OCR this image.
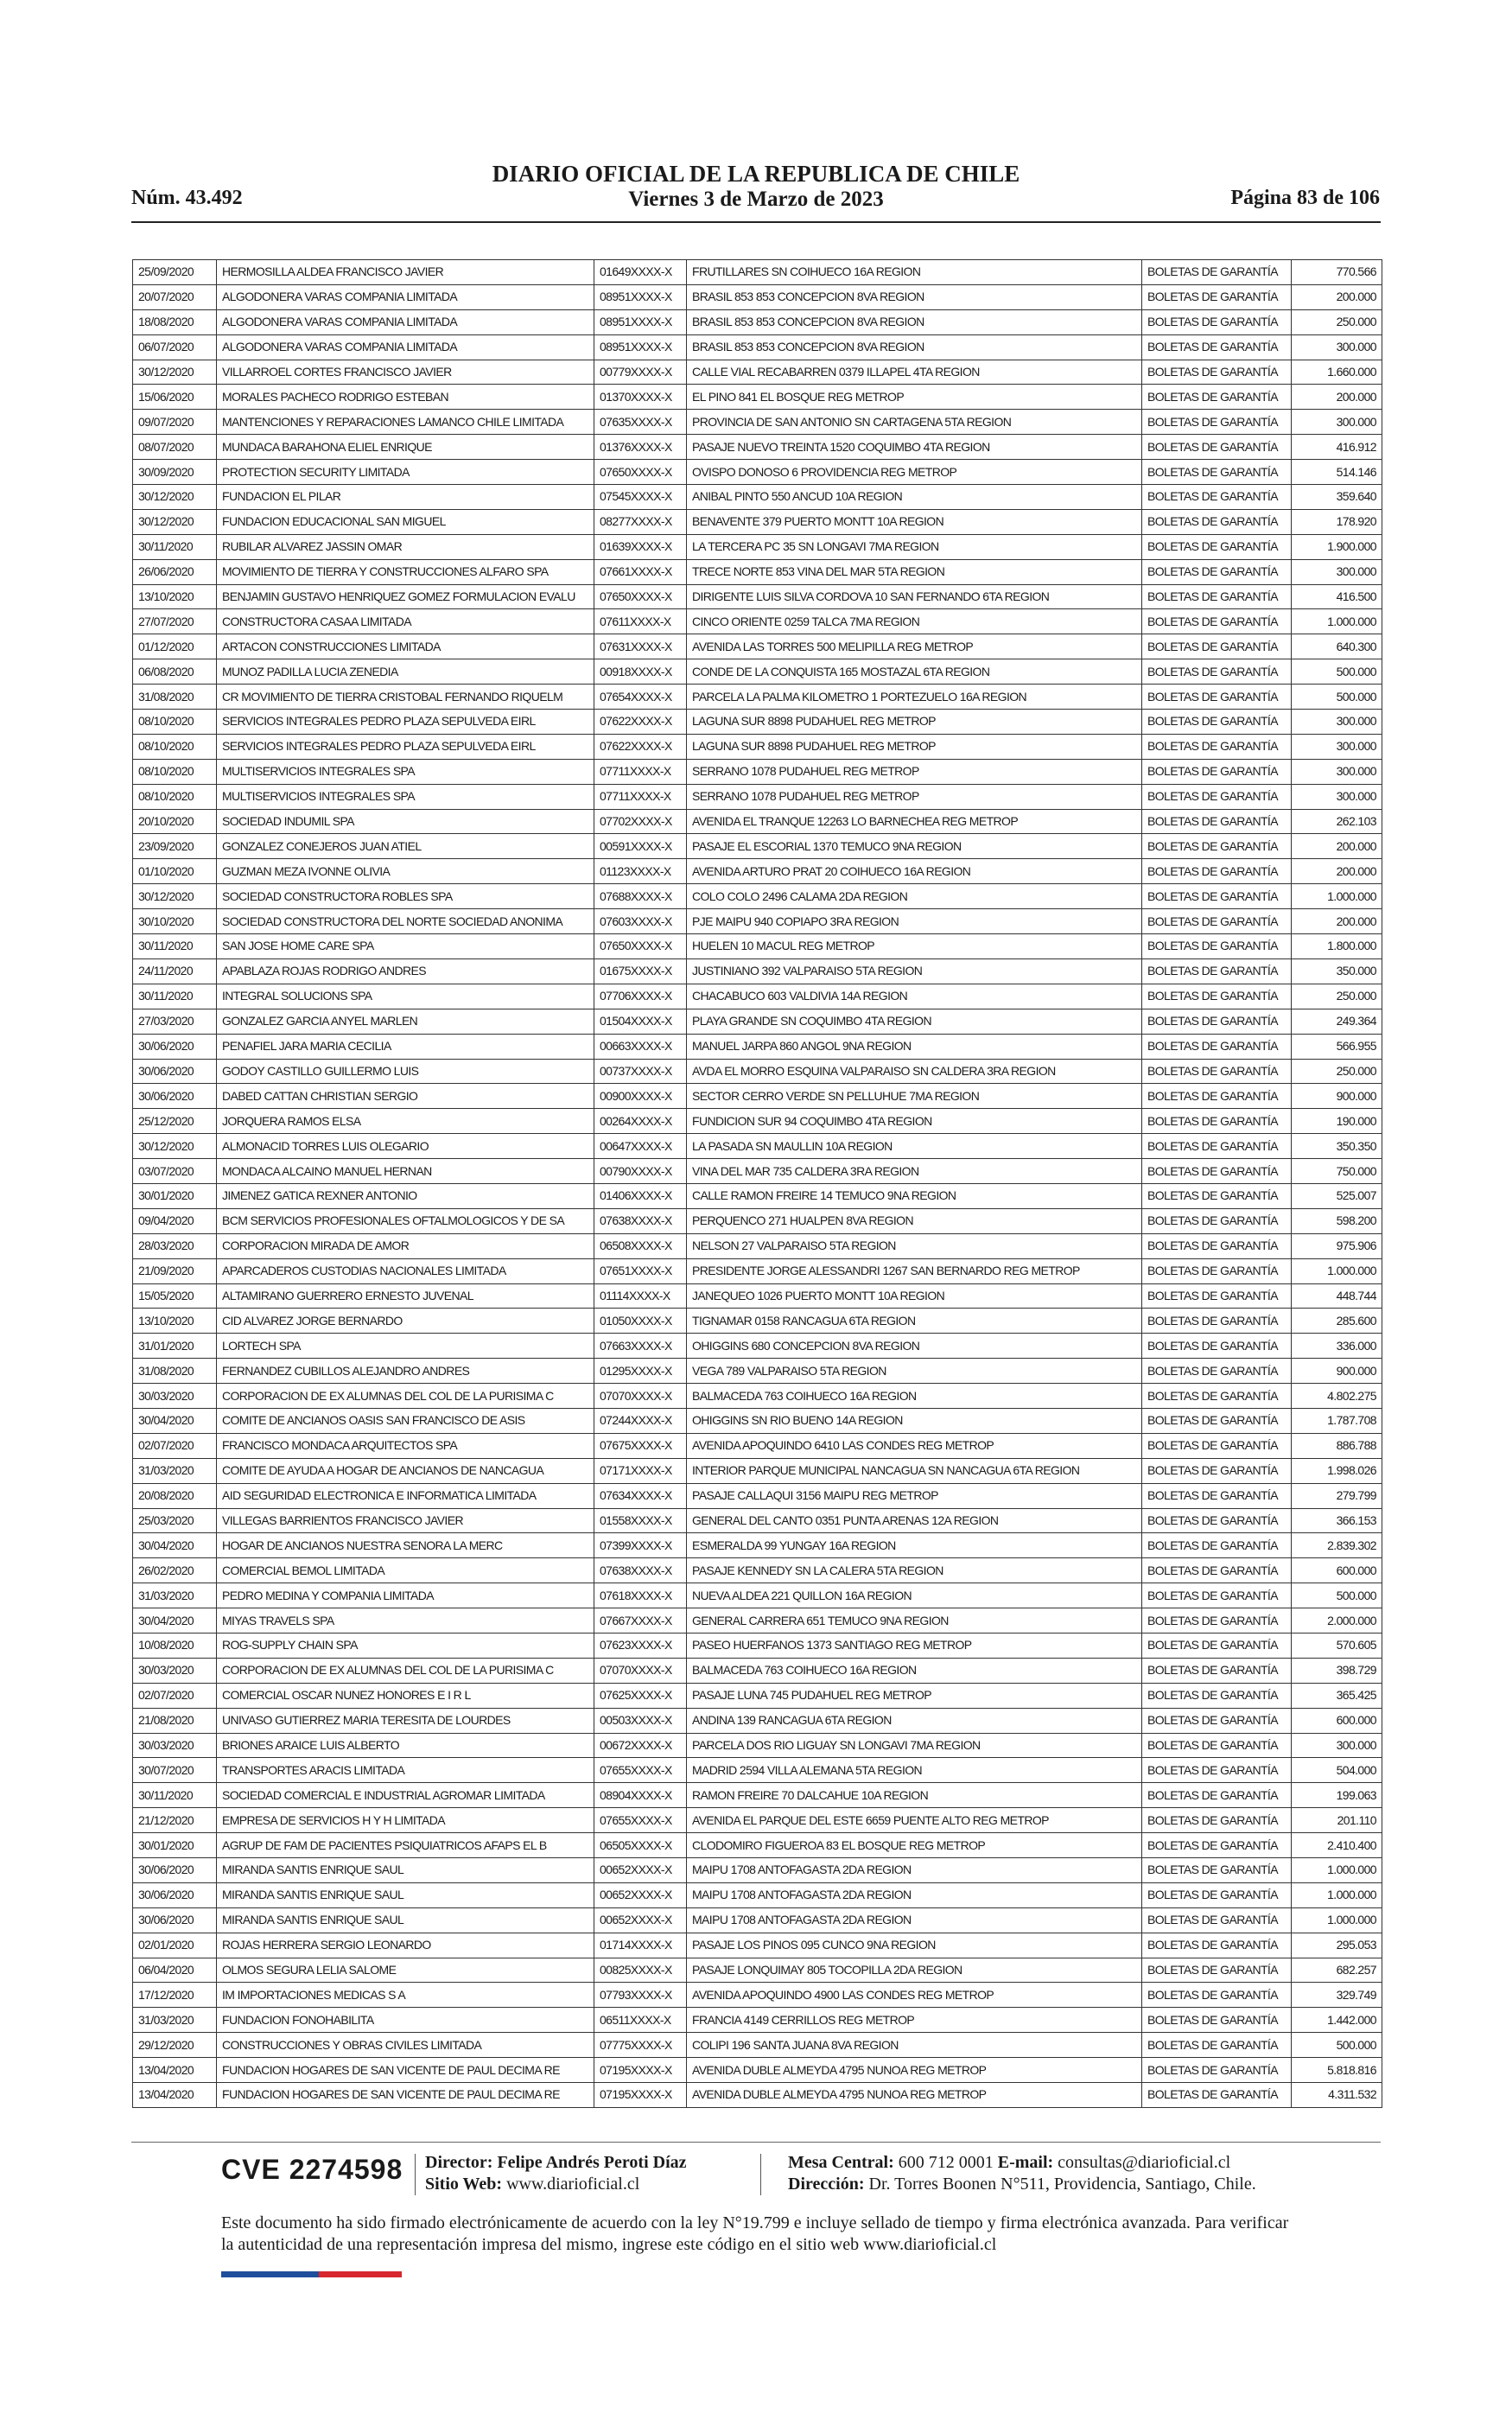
Núm. 43.492
DIARIO OFICIAL DE LA REPUBLICA DE CHILE
Viernes 3 de Marzo de 2023	Página 83 de 106
25/09/2020	HERMOSILLA ALDEA FRANCISCO JAVIER	01649XXXX-X	FRUTILLARES SN COIHUECO 16A REGION	BOLETAS DE GARANTÍA	770.566
20/07/2020	ALGODONERA VARAS COMPANIA LIMITADA	08951XXXX-X	BRASIL 853 853 CONCEPCION 8VA REGION	BOLETAS DE GARANTÍA	200.000
18/08/2020	ALGODONERA VARAS COMPANIA LIMITADA	08951XXXX-X	BRASIL 853 853 CONCEPCION 8VA REGION	BOLETAS DE GARANTÍA	250.000
06/07/2020	ALGODONERA VARAS COMPANIA LIMITADA	08951XXXX-X	BRASIL 853 853 CONCEPCION 8VA REGION	BOLETAS DE GARANTÍA	300.000
30/12/2020	VILLARROEL CORTES FRANCISCO JAVIER	00779XXXX-X	CALLE VIAL RECABARREN 0379 ILLAPEL 4TA REGION	BOLETAS DE GARANTÍA	1.660.000
15/06/2020	MORALES PACHECO RODRIGO ESTEBAN	01370XXXX-X	EL PINO 841 EL BOSQUE REG METROP	BOLETAS DE GARANTÍA	200.000
09/07/2020	MANTENCIONES Y REPARACIONES LAMANCO CHILE LIMITADA	07635XXXX-X	PROVINCIA DE SAN ANTONIO SN CARTAGENA 5TA REGION	BOLETAS DE GARANTÍA	300.000
08/07/2020	MUNDACA BARAHONA ELIEL ENRIQUE	01376XXXX-X	PASAJE NUEVO TREINTA 1520 COQUIMBO 4TA REGION	BOLETAS DE GARANTÍA	416.912
30/09/2020	PROTECTION SECURITY LIMITADA	07650XXXX-X	OVISPO DONOSO 6 PROVIDENCIA REG METROP	BOLETAS DE GARANTÍA	514.146
30/12/2020	FUNDACION EL PILAR	07545XXXX-X	ANIBAL PINTO 550 ANCUD 10A REGION	BOLETAS DE GARANTÍA	359.640
30/12/2020	FUNDACION EDUCACIONAL SAN MIGUEL	08277XXXX-X	BENAVENTE 379 PUERTO MONTT 10A REGION	BOLETAS DE GARANTÍA	178.920
30/11/2020	RUBILAR ALVAREZ JASSIN OMAR	01639XXXX-X	LA TERCERA PC 35 SN LONGAVI 7MA REGION	BOLETAS DE GARANTÍA	1.900.000
26/06/2020	MOVIMIENTO DE TIERRA Y CONSTRUCCIONES ALFARO SPA	07661XXXX-X	TRECE NORTE 853 VINA DEL MAR 5TA REGION	BOLETAS DE GARANTÍA	300.000
13/10/2020	BENJAMIN GUSTAVO HENRIQUEZ GOMEZ FORMULACION EVALU	07650XXXX-X	DIRIGENTE LUIS SILVA CORDOVA 10 SAN FERNANDO 6TA REGION	BOLETAS DE GARANTÍA	416.500
27/07/2020	CONSTRUCTORA CASAA LIMITADA	07611XXXX-X	CINCO ORIENTE 0259 TALCA 7MA REGION	BOLETAS DE GARANTÍA	1.000.000
01/12/2020	ARTACON CONSTRUCCIONES LIMITADA	07631XXXX-X	AVENIDA LAS TORRES 500 MELIPILLA REG METROP	BOLETAS DE GARANTÍA	640.300
06/08/2020	MUNOZ PADILLA LUCIA ZENEDIA	00918XXXX-X	CONDE DE LA CONQUISTA 165 MOSTAZAL 6TA REGION	BOLETAS DE GARANTÍA	500.000
31/08/2020	CR MOVIMIENTO DE TIERRA CRISTOBAL FERNANDO RIQUELM	07654XXXX-X	PARCELA LA PALMA KILOMETRO 1 PORTEZUELO 16A REGION	BOLETAS DE GARANTÍA	500.000
08/10/2020	SERVICIOS INTEGRALES PEDRO PLAZA SEPULVEDA EIRL	07622XXXX-X	LAGUNA SUR 8898 PUDAHUEL REG METROP	BOLETAS DE GARANTÍA	300.000
08/10/2020	SERVICIOS INTEGRALES PEDRO PLAZA SEPULVEDA EIRL	07622XXXX-X	LAGUNA SUR 8898 PUDAHUEL REG METROP	BOLETAS DE GARANTÍA	300.000
08/10/2020	MULTISERVICIOS INTEGRALES SPA	07711XXXX-X	SERRANO 1078 PUDAHUEL REG METROP	BOLETAS DE GARANTÍA	300.000
08/10/2020	MULTISERVICIOS INTEGRALES SPA	07711XXXX-X	SERRANO 1078 PUDAHUEL REG METROP	BOLETAS DE GARANTÍA	300.000
20/10/2020	SOCIEDAD INDUMIL SPA	07702XXXX-X	AVENIDA EL TRANQUE 12263 LO BARNECHEA REG METROP	BOLETAS DE GARANTÍA	262.103
23/09/2020	GONZALEZ CONEJEROS JUAN ATIEL	00591XXXX-X	PASAJE EL ESCORIAL 1370 TEMUCO 9NA REGION	BOLETAS DE GARANTÍA	200.000
01/10/2020	GUZMAN MEZA IVONNE OLIVIA	01123XXXX-X	AVENIDA ARTURO PRAT 20 COIHUECO 16A REGION	BOLETAS DE GARANTÍA	200.000
30/12/2020	SOCIEDAD CONSTRUCTORA ROBLES SPA	07688XXXX-X	COLO COLO 2496 CALAMA 2DA REGION	BOLETAS DE GARANTÍA	1.000.000
30/10/2020	SOCIEDAD CONSTRUCTORA DEL NORTE SOCIEDAD ANONIMA	07603XXXX-X	PJE MAIPU 940 COPIAPO 3RA REGION	BOLETAS DE GARANTÍA	200.000
30/11/2020	SAN JOSE HOME CARE SPA	07650XXXX-X	HUELEN 10 MACUL REG METROP	BOLETAS DE GARANTÍA	1.800.000
24/11/2020	APABLAZA ROJAS RODRIGO ANDRES	01675XXXX-X	JUSTINIANO 392 VALPARAISO 5TA REGION	BOLETAS DE GARANTÍA	350.000
30/11/2020	INTEGRAL SOLUCIONS SPA	07706XXXX-X	CHACABUCO 603 VALDIVIA 14A REGION	BOLETAS DE GARANTÍA	250.000
27/03/2020	GONZALEZ GARCIA ANYEL MARLEN	01504XXXX-X	PLAYA GRANDE SN COQUIMBO 4TA REGION	BOLETAS DE GARANTÍA	249.364
30/06/2020	PENAFIEL JARA MARIA CECILIA	00663XXXX-X	MANUEL JARPA 860 ANGOL 9NA REGION	BOLETAS DE GARANTÍA	566.955
30/06/2020	GODOY CASTILLO GUILLERMO LUIS	00737XXXX-X	AVDA EL MORRO ESQUINA VALPARAISO SN CALDERA 3RA REGION	BOLETAS DE GARANTÍA	250.000
30/06/2020	DABED CATTAN CHRISTIAN SERGIO	00900XXXX-X	SECTOR CERRO VERDE SN PELLUHUE 7MA REGION	BOLETAS DE GARANTÍA	900.000
25/12/2020	JORQUERA RAMOS ELSA	00264XXXX-X	FUNDICION SUR 94 COQUIMBO 4TA REGION	BOLETAS DE GARANTÍA	190.000
30/12/2020	ALMONACID TORRES LUIS OLEGARIO	00647XXXX-X	LA PASADA SN MAULLIN 10A REGION	BOLETAS DE GARANTÍA	350.350
03/07/2020	MONDACA ALCAINO MANUEL HERNAN	00790XXXX-X	VINA DEL MAR 735 CALDERA 3RA REGION	BOLETAS DE GARANTÍA	750.000
30/01/2020	JIMENEZ GATICA REXNER ANTONIO	01406XXXX-X	CALLE RAMON FREIRE 14 TEMUCO 9NA REGION	BOLETAS DE GARANTÍA	525.007
09/04/2020	BCM SERVICIOS PROFESIONALES OFTALMOLOGICOS Y DE SA	07638XXXX-X	PERQUENCO 271 HUALPEN 8VA REGION	BOLETAS DE GARANTÍA	598.200
28/03/2020	CORPORACION MIRADA DE AMOR	06508XXXX-X	NELSON 27 VALPARAISO 5TA REGION	BOLETAS DE GARANTÍA	975.906
21/09/2020	APARCADEROS CUSTODIAS NACIONALES LIMITADA	07651XXXX-X	PRESIDENTE JORGE ALESSANDRI 1267 SAN BERNARDO REG METROP	BOLETAS DE GARANTÍA	1.000.000
15/05/2020	ALTAMIRANO GUERRERO ERNESTO JUVENAL	01114XXXX-X	JANEQUEO 1026 PUERTO MONTT 10A REGION	BOLETAS DE GARANTÍA	448.744
13/10/2020	CID ALVAREZ JORGE BERNARDO	01050XXXX-X	TIGNAMAR 0158 RANCAGUA 6TA REGION	BOLETAS DE GARANTÍA	285.600
31/01/2020	LORTECH SPA	07663XXXX-X	OHIGGINS 680 CONCEPCION 8VA REGION	BOLETAS DE GARANTÍA	336.000
31/08/2020	FERNANDEZ CUBILLOS ALEJANDRO ANDRES	01295XXXX-X	VEGA 789 VALPARAISO 5TA REGION	BOLETAS DE GARANTÍA	900.000
30/03/2020	CORPORACION DE EX ALUMNAS DEL COL DE LA PURISIMA C	07070XXXX-X	BALMACEDA 763 COIHUECO 16A REGION	BOLETAS DE GARANTÍA	4.802.275
30/04/2020	COMITE DE ANCIANOS OASIS SAN FRANCISCO DE ASIS	07244XXXX-X	OHIGGINS SN RIO BUENO 14A REGION	BOLETAS DE GARANTÍA	1.787.708
02/07/2020	FRANCISCO MONDACA ARQUITECTOS SPA	07675XXXX-X	AVENIDA APOQUINDO 6410 LAS CONDES REG METROP	BOLETAS DE GARANTÍA	886.788
31/03/2020	COMITE DE AYUDA A HOGAR DE ANCIANOS DE NANCAGUA	07171XXXX-X	INTERIOR PARQUE MUNICIPAL NANCAGUA SN NANCAGUA 6TA REGION	BOLETAS DE GARANTÍA	1.998.026
20/08/2020	AID SEGURIDAD ELECTRONICA E INFORMATICA LIMITADA	07634XXXX-X	PASAJE CALLAQUI 3156 MAIPU REG METROP	BOLETAS DE GARANTÍA	279.799
25/03/2020	VILLEGAS BARRIENTOS FRANCISCO JAVIER	01558XXXX-X	GENERAL DEL CANTO 0351 PUNTA ARENAS 12A REGION	BOLETAS DE GARANTÍA	366.153
30/04/2020	HOGAR DE ANCIANOS NUESTRA SENORA LA MERC	07399XXXX-X	ESMERALDA 99 YUNGAY 16A REGION	BOLETAS DE GARANTÍA	2.839.302
26/02/2020	COMERCIAL BEMOL LIMITADA	07638XXXX-X	PASAJE KENNEDY SN LA CALERA 5TA REGION	BOLETAS DE GARANTÍA	600.000
31/03/2020	PEDRO MEDINA Y COMPANIA LIMITADA	07618XXXX-X	NUEVA ALDEA 221 QUILLON 16A REGION	BOLETAS DE GARANTÍA	500.000
30/04/2020	MIYAS TRAVELS SPA	07667XXXX-X	GENERAL CARRERA 651 TEMUCO 9NA REGION	BOLETAS DE GARANTÍA	2.000.000
10/08/2020	ROG-SUPPLY CHAIN SPA	07623XXXX-X	PASEO HUERFANOS 1373 SANTIAGO REG METROP	BOLETAS DE GARANTÍA	570.605
30/03/2020	CORPORACION DE EX ALUMNAS DEL COL DE LA PURISIMA C	07070XXXX-X	BALMACEDA 763 COIHUECO 16A REGION	BOLETAS DE GARANTÍA	398.729
02/07/2020	COMERCIAL OSCAR NUNEZ HONORES E I R L	07625XXXX-X	PASAJE LUNA 745 PUDAHUEL REG METROP	BOLETAS DE GARANTÍA	365.425
21/08/2020	UNIVASO GUTIERREZ MARIA TERESITA DE LOURDES	00503XXXX-X	ANDINA 139 RANCAGUA 6TA REGION	BOLETAS DE GARANTÍA	600.000
30/03/2020	BRIONES ARAICE LUIS ALBERTO	00672XXXX-X	PARCELA DOS RIO LIGUAY SN LONGAVI 7MA REGION	BOLETAS DE GARANTÍA	300.000
30/07/2020	TRANSPORTES ARACIS LIMITADA	07655XXXX-X	MADRID 2594 VILLA ALEMANA 5TA REGION	BOLETAS DE GARANTÍA	504.000
30/11/2020	SOCIEDAD COMERCIAL E INDUSTRIAL AGROMAR LIMITADA	08904XXXX-X	RAMON FREIRE 70 DALCAHUE 10A REGION	BOLETAS DE GARANTÍA	199.063
21/12/2020	EMPRESA DE SERVICIOS H Y H LIMITADA	07655XXXX-X	AVENIDA EL PARQUE DEL ESTE 6659 PUENTE ALTO REG METROP	BOLETAS DE GARANTÍA	201.110
30/01/2020	AGRUP DE FAM DE PACIENTES PSIQUIATRICOS AFAPS EL B	06505XXXX-X	CLODOMIRO FIGUEROA 83 EL BOSQUE REG METROP	BOLETAS DE GARANTÍA	2.410.400
30/06/2020	MIRANDA SANTIS ENRIQUE SAUL	00652XXXX-X	MAIPU 1708 ANTOFAGASTA 2DA REGION	BOLETAS DE GARANTÍA	1.000.000
30/06/2020	MIRANDA SANTIS ENRIQUE SAUL	00652XXXX-X	MAIPU 1708 ANTOFAGASTA 2DA REGION	BOLETAS DE GARANTÍA	1.000.000
30/06/2020	MIRANDA SANTIS ENRIQUE SAUL	00652XXXX-X	MAIPU 1708 ANTOFAGASTA 2DA REGION	BOLETAS DE GARANTÍA	1.000.000
02/01/2020	ROJAS HERRERA SERGIO LEONARDO	01714XXXX-X	PASAJE LOS PINOS 095 CUNCO 9NA REGION	BOLETAS DE GARANTÍA	295.053
06/04/2020	OLMOS SEGURA LELIA SALOME	00825XXXX-X	PASAJE LONQUIMAY 805 TOCOPILLA 2DA REGION	BOLETAS DE GARANTÍA	682.257
17/12/2020	IM IMPORTACIONES MEDICAS S A	07793XXXX-X	AVENIDA APOQUINDO 4900 LAS CONDES REG METROP	BOLETAS DE GARANTÍA	329.749
31/03/2020	FUNDACION FONOHABILITA	06511XXXX-X	FRANCIA 4149 CERRILLOS REG METROP	BOLETAS DE GARANTÍA	1.442.000
29/12/2020	CONSTRUCCIONES Y OBRAS CIVILES LIMITADA	07775XXXX-X	COLIPI 196 SANTA JUANA 8VA REGION	BOLETAS DE GARANTÍA	500.000
13/04/2020	FUNDACION HOGARES DE SAN VICENTE DE PAUL DECIMA RE	07195XXXX-X	AVENIDA DUBLE ALMEYDA 4795 NUNOA REG METROP	BOLETAS DE GARANTÍA	5.818.816
13/04/2020	FUNDACION HOGARES DE SAN VICENTE DE PAUL DECIMA RE	07195XXXX-X	AVENIDA DUBLE ALMEYDA 4795 NUNOA REG METROP	BOLETAS DE GARANTÍA	4.311.532
CVE 2274598 Director: Felipe Andrés Peroti Díaz
Sitio Web: www.diarioficial.cl
Mesa Central: 600 712 0001 E-mail: consultas@diarioficial.cl
Dirección: Dr. Torres Boonen N°511, Providencia, Santiago, Chile.
Este documento ha sido firmado electrónicamente de acuerdo con la ley N°19.799 e incluye sellado de tiempo y firma electrónica avanzada. Para verificar la autenticidad de una representación impresa del mismo, ingrese este código en el sitio web www.diarioficial.cl
